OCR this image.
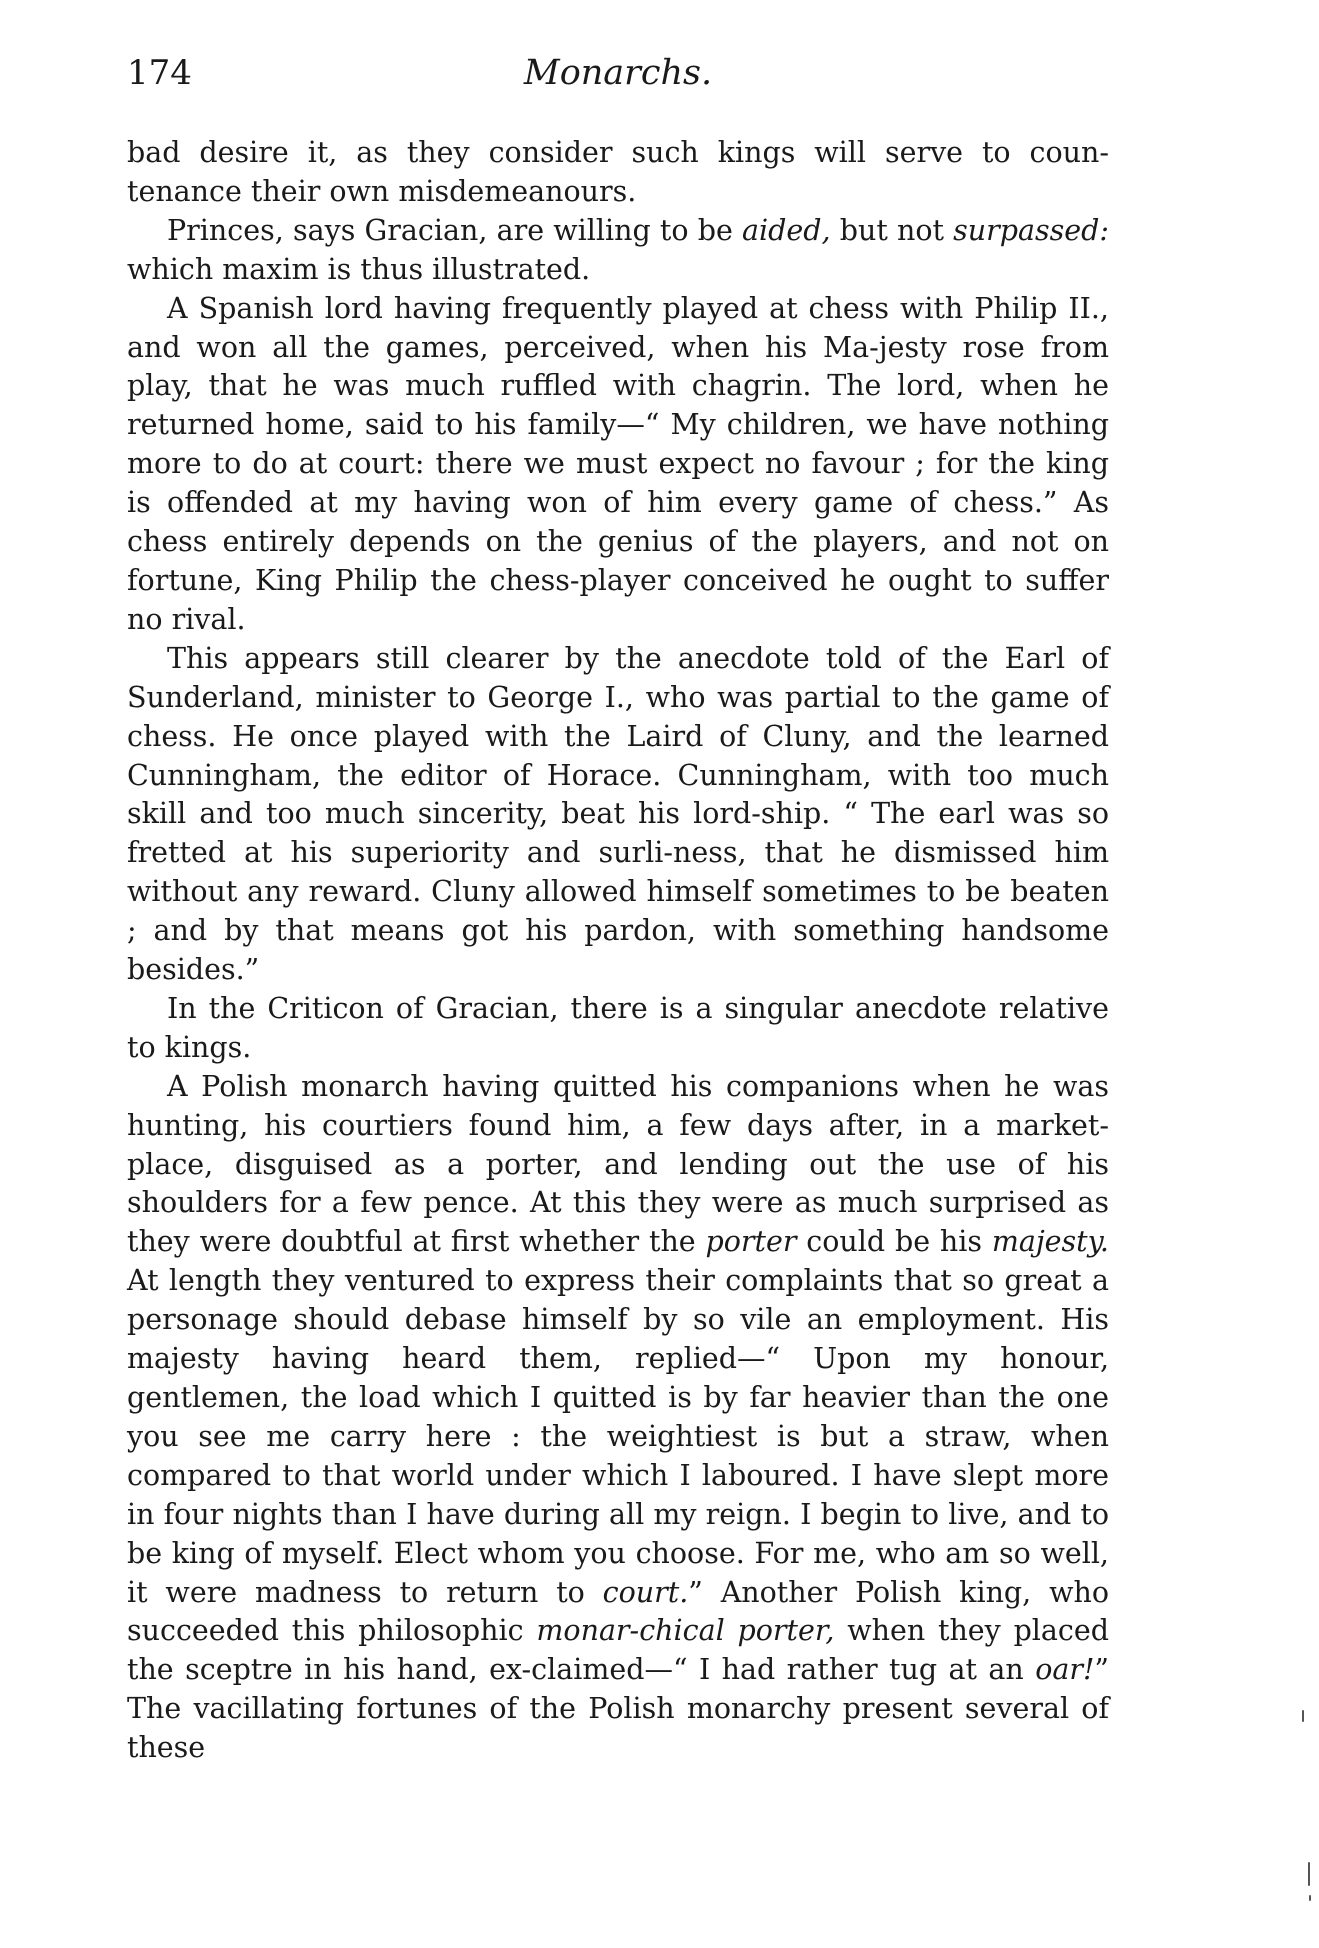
174	Monarchs.

bad desire it, as they consider such kings will serve to coun-tenance their own misdemeanours.

Princes, says Gracian, are willing to be aided, but not surpassed: which maxim is thus illustrated.

A Spanish lord having frequently played at chess with Philip II., and won all the games, perceived, when his Ma-jesty rose from play, that he was much ruffled with chagrin. The lord, when he returned home, said to his family—“ My children, we have nothing more to do at court: there we must expect no favour ; for the king is offended at my having won of him every game of chess.” As chess entirely depends on the genius of the players, and not on fortune, King Philip the chess-player conceived he ought to suffer no rival.

This appears still clearer by the anecdote told of the Earl of Sunderland, minister to George I., who was partial to the game of chess. He once played with the Laird of Cluny, and the learned Cunningham, the editor of Horace. Cunningham, with too much skill and too much sincerity, beat his lord-ship. “ The earl was so fretted at his superiority and surli-ness, that he dismissed him without any reward. Cluny allowed himself sometimes to be beaten ; and by that means got his pardon, with something handsome besides.”

In the Criticon of Gracian, there is a singular anecdote relative to kings.

A Polish monarch having quitted his companions when he was hunting, his courtiers found him, a few days after, in a market-place, disguised as a porter, and lending out the use of his shoulders for a few pence. At this they were as much surprised as they were doubtful at first whether the porter could be his majesty. At length they ventured to express their complaints that so great a personage should debase himself by so vile an employment. His majesty having heard them, replied—“ Upon my honour, gentlemen, the load which I quitted is by far heavier than the one you see me carry here : the weightiest is but a straw, when compared to that world under which I laboured. I have slept more in four nights than I have during all my reign. I begin to live, and to be king of myself. Elect whom you choose. For me, who am so well, it were madness to return to court.” Another Polish king, who succeeded this philosophic monar-chical porter, when they placed the sceptre in his hand, ex-claimed—“ I had rather tug at an oar!” The vacillating fortunes of the Polish monarchy present several of these
